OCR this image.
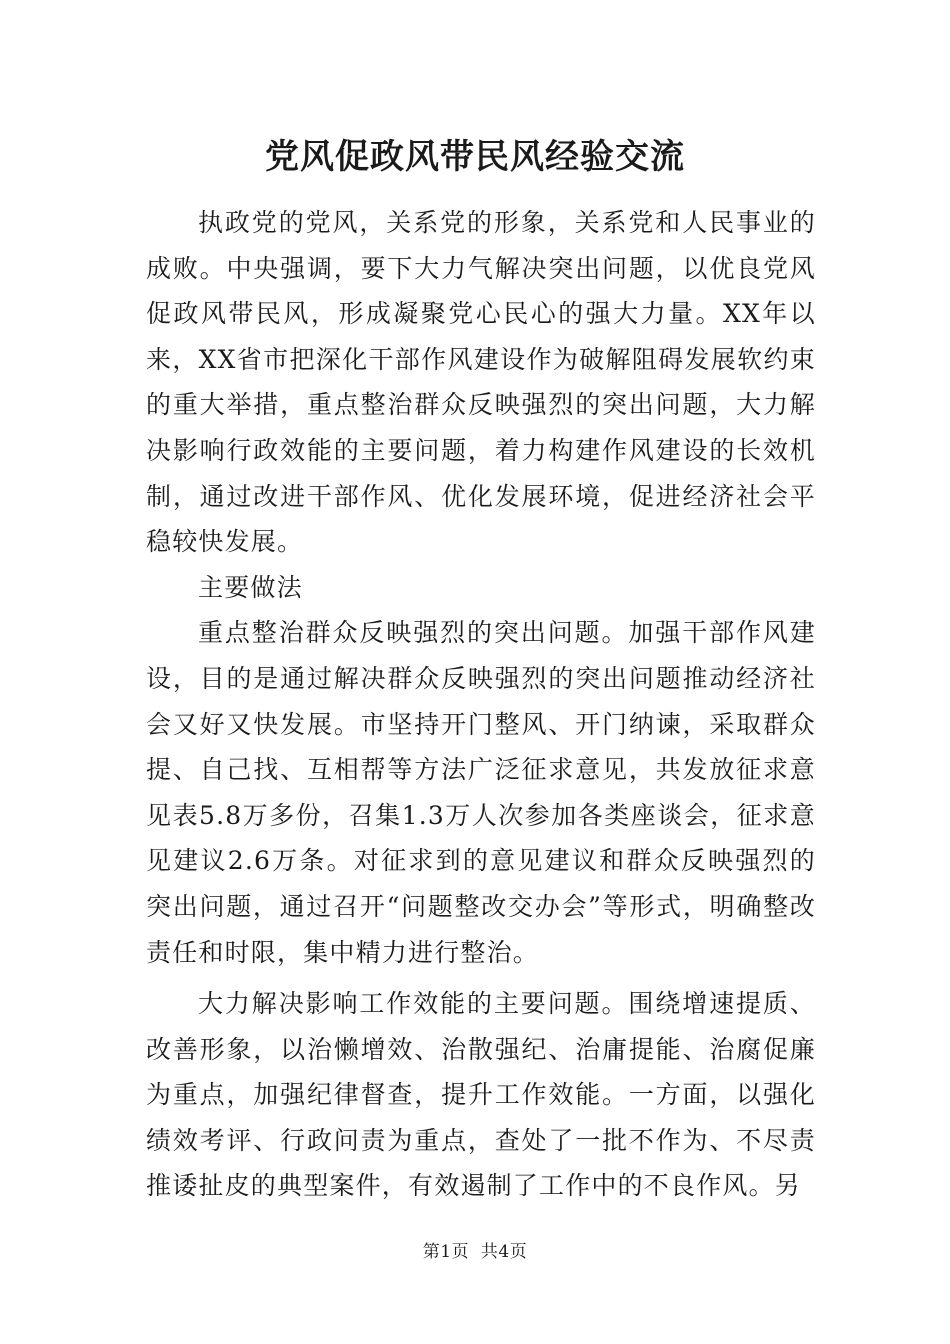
党风促政风带民风经验交流

执政党的党风，关系党的形象，关系党和人民事业的成败。中央强调，要下大力气解决突出问题，以优良党风促政风带民风，形成凝聚党心民心的强大力量。XX年以来，XX省市把深化干部作风建设作为破解阻碍发展软约束的重大举措，重点整治群众反映强烈的突出问题，大力解决影响行政效能的主要问题，着力构建作风建设的长效机制，通过改进干部作风、优化发展环境，促进经济社会平稳较快发展。

主要做法

重点整治群众反映强烈的突出问题。加强干部作风建设，目的是通过解决群众反映强烈的突出问题推动经济社会又好又快发展。市坚持开门整风、开门纳谏，采取群众提、自己找、互相帮等方法广泛征求意见，共发放征求意见表5.8万多份，召集1.3万人次参加各类座谈会，征求意见建议2.6万条。对征求到的意见建议和群众反映强烈的突出问题，通过召开“问题整改交办会”等形式，明确整改责任和时限，集中精力进行整治。

大力解决影响工作效能的主要问题。围绕增速提质、改善形象，以治懒增效、治散强纪、治庸提能、治腐促廉为重点，加强纪律督查，提升工作效能。一方面，以强化绩效考评、行政问责为重点，查处了一批不作为、不尽责推诿扯皮的典型案件，有效遏制了工作中的不良作风。另

第1页 共4页
